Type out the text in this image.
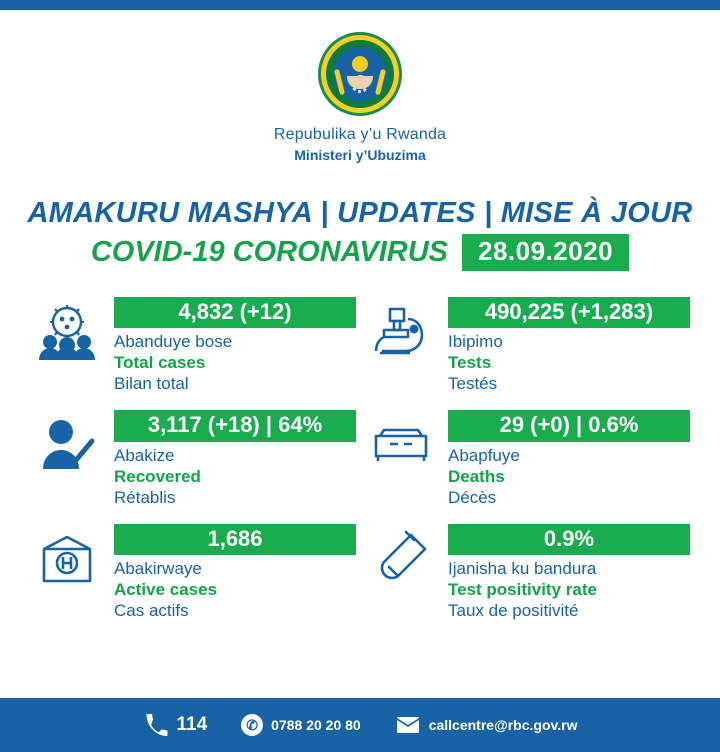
Repubulika y’u Rwanda
Ministeri y’Ubuzima
AMAKURU MASHYA | UPDATES | MISE À JOUR
COVID-19 CORONAVIRUS	28.09.2020
4,832 (+12)
Abanduye bose
Total cases
Bilan total
490,225 (+1,283)
Ibipimo
Tests
Testés
3,117 (+18) | 64%
Abakize
Recovered
Rétablis
29 (+0) | 0.6%
Abapfuye
Deaths
Décès
1,686
Abakirwaye
Active cases
Cas actifs
0.9%
Ijanisha ku bandura
Test positivity rate
Taux de positivité
114	✆ 0788 20 20 80	callcentre@rbc.gov.rw
